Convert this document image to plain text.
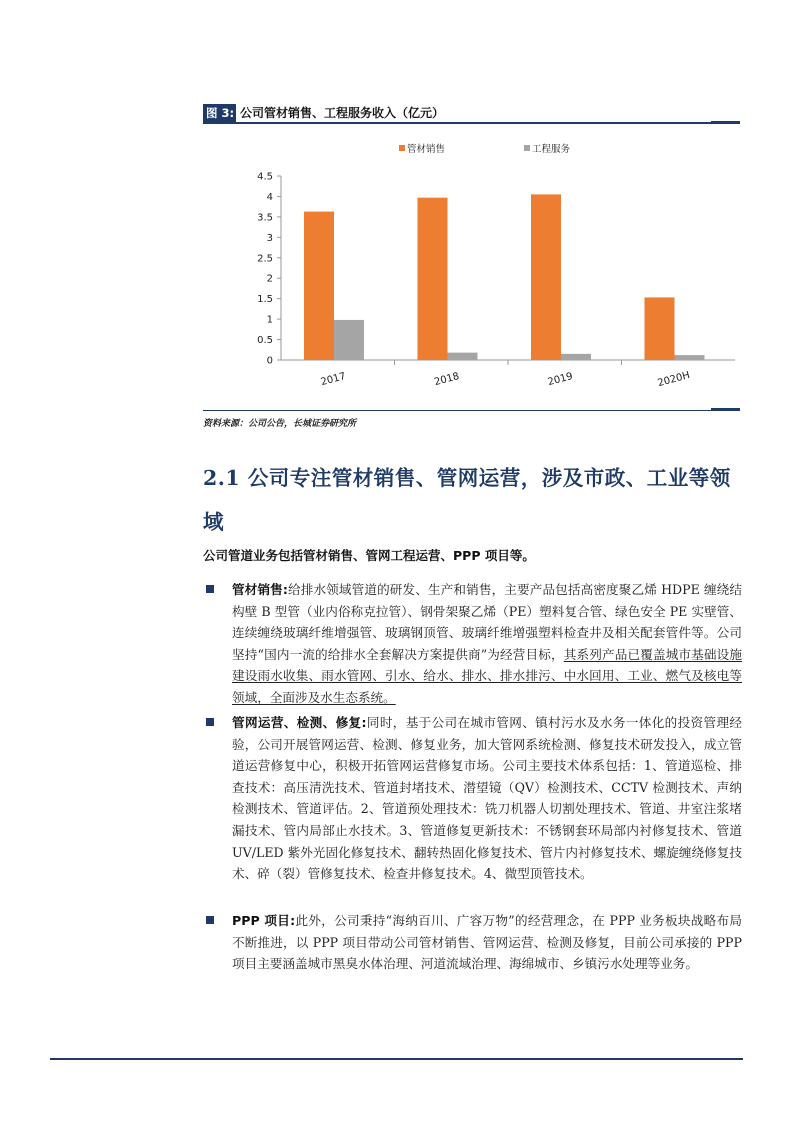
图 3: 公司管材销售、工程服务收入（亿元）
0
0.5
1
1.5
2
2.5
3
3.5
4
4.5
2017	2018	2019	2020H
管材销售	工程服务
资料来源：公司公告，长城证券研究所
2.1 公司专注管材销售、管网运营，涉及市政、工业等领域
公司管道业务包括管材销售、管网工程运营、PPP 项目等。
管材销售:给排水领域管道的研发、生产和销售，主要产品包括高密度聚乙烯 HDPE 缠绕结构壁 B 型管（业内俗称克拉管）、钢骨架聚乙烯（PE）塑料复合管、绿色安全 PE 实壁管、连续缠绕玻璃纤维增强管、玻璃钢顶管、玻璃纤维增强塑料检查井及相关配套管件等。公司坚持“国内一流的给排水全套解决方案提供商”为经营目标，其系列产品已覆盖城市基础设施建设雨水收集、雨水管网、引水、给水、排水、排水排污、中水回用、工业、燃气及核电等领域，全面涉及水生态系统。
管网运营、检测、修复:同时，基于公司在城市管网、镇村污水及水务一体化的投资管理经验，公司开展管网运营、检测、修复业务，加大管网系统检测、修复技术研发投入，成立管道运营修复中心，积极开拓管网运营修复市场。公司主要技术体系包括：1、管道巡检、排查技术：高压清洗技术、管道封堵技术、潜望镜（QV）检测技术、CCTV 检测技术、声纳检测技术、管道评估。2、管道预处理技术：铣刀机器人切割处理技术、管道、井室注浆堵漏技术、管内局部止水技术。3、管道修复更新技术：不锈钢套环局部内衬修复技术、管道 UV/LED 紫外光固化修复技术、翻转热固化修复技术、管片内衬修复技术、螺旋缠绕修复技术、碎（裂）管修复技术、检查井修复技术。4、微型顶管技术。
PPP 项目:此外，公司秉持“海纳百川、广容万物”的经营理念，在 PPP 业务板块战略布局不断推进，以 PPP 项目带动公司管材销售、管网运营、检测及修复，目前公司承接的 PPP 项目主要涵盖城市黑臭水体治理、河道流域治理、海绵城市、乡镇污水处理等业务。
